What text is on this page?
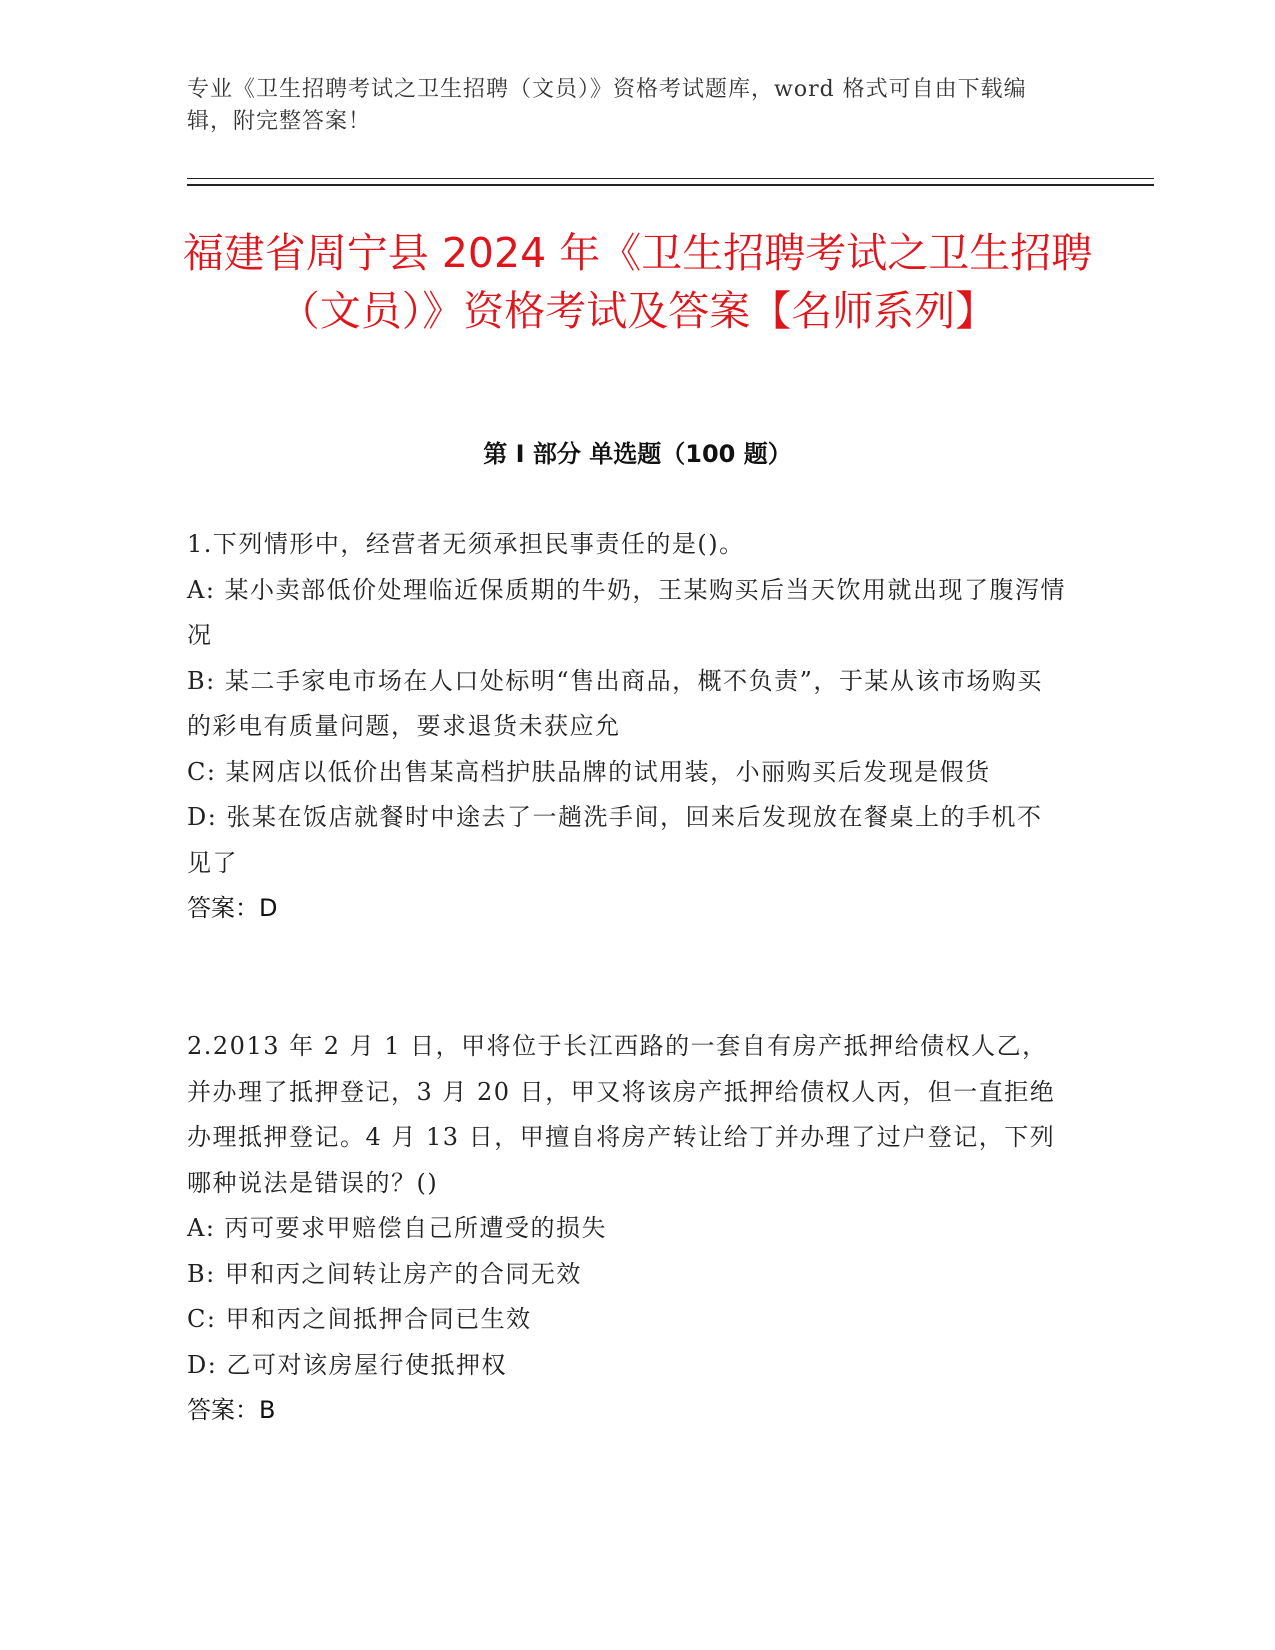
专业《卫生招聘考试之卫生招聘（文员）》资格考试题库，word 格式可自由下载编辑，附完整答案！
福建省周宁县 2024 年《卫生招聘考试之卫生招聘（文员）》资格考试及答案【名师系列】
第 I 部分 单选题（100 题）

1.下列情形中，经营者无须承担民事责任的是()。

A: 某小卖部低价处理临近保质期的牛奶，王某购买后当天饮用就出现了腹泻情况

B: 某二手家电市场在人口处标明“售出商品，概不负责”，于某从该市场购买的彩电有质量问题，要求退货未获应允

C: 某网店以低价出售某高档护肤品牌的试用装，小丽购买后发现是假货

D: 张某在饭店就餐时中途去了一趟洗手间，回来后发现放在餐桌上的手机不见了

答案：D

2.2013 年 2 月 1 日，甲将位于长江西路的一套自有房产抵押给债权人乙，并办理了抵押登记，3 月 20 日，甲又将该房产抵押给债权人丙，但一直拒绝办理抵押登记。4 月 13 日，甲擅自将房产转让给丁并办理了过户登记，下列哪种说法是错误的？()

A: 丙可要求甲赔偿自己所遭受的损失

B: 甲和丙之间转让房产的合同无效

C: 甲和丙之间抵押合同已生效

D: 乙可对该房屋行使抵押权

答案：B
